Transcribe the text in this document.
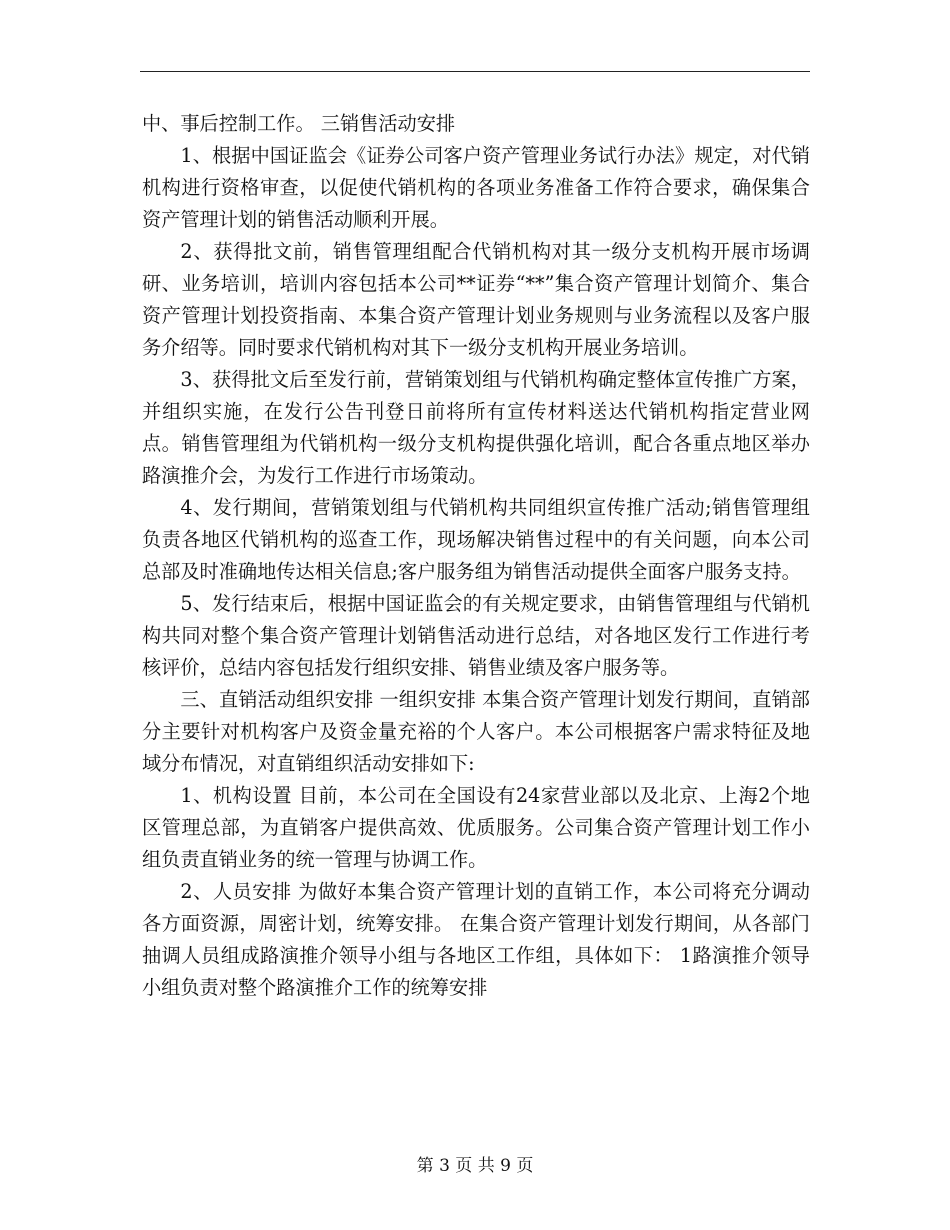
中、事后控制工作。 三销售活动安排

1、根据中国证监会《证券公司客户资产管理业务试行办法》规定，对代销机构进行资格审查，以促使代销机构的各项业务准备工作符合要求，确保集合资产管理计划的销售活动顺利开展。

2、获得批文前，销售管理组配合代销机构对其一级分支机构开展市场调研、业务培训，培训内容包括本公司**证券“**”集合资产管理计划简介、集合资产管理计划投资指南、本集合资产管理计划业务规则与业务流程以及客户服务介绍等。同时要求代销机构对其下一级分支机构开展业务培训。

3、获得批文后至发行前，营销策划组与代销机构确定整体宣传推广方案，并组织实施，在发行公告刊登日前将所有宣传材料送达代销机构指定营业网点。销售管理组为代销机构一级分支机构提供强化培训，配合各重点地区举办路演推介会，为发行工作进行市场策动。

4、发行期间，营销策划组与代销机构共同组织宣传推广活动;销售管理组负责各地区代销机构的巡查工作，现场解决销售过程中的有关问题，向本公司总部及时准确地传达相关信息;客户服务组为销售活动提供全面客户服务支持。

5、发行结束后，根据中国证监会的有关规定要求，由销售管理组与代销机构共同对整个集合资产管理计划销售活动进行总结，对各地区发行工作进行考核评价，总结内容包括发行组织安排、销售业绩及客户服务等。

三、直销活动组织安排 一组织安排 本集合资产管理计划发行期间，直销部分主要针对机构客户及资金量充裕的个人客户。本公司根据客户需求特征及地域分布情况，对直销组织活动安排如下:

1、机构设置 目前，本公司在全国设有24家营业部以及北京、上海2个地区管理总部，为直销客户提供高效、优质服务。公司集合资产管理计划工作小组负责直销业务的统一管理与协调工作。

2、人员安排 为做好本集合资产管理计划的直销工作，本公司将充分调动各方面资源，周密计划，统筹安排。 在集合资产管理计划发行期间，从各部门抽调人员组成路演推介领导小组与各地区工作组，具体如下： 1路演推介领导小组负责对整个路演推介工作的统筹安排

第 3 页 共 9 页
